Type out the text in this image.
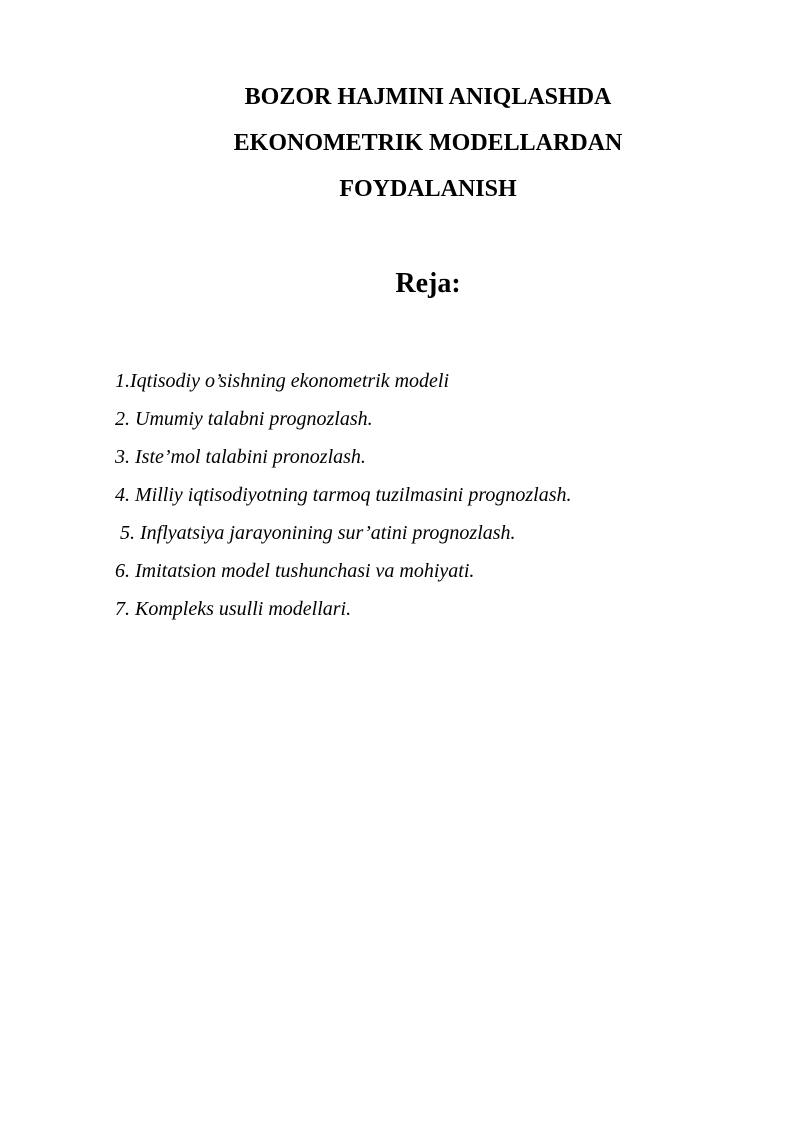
BOZOR HAJMINI ANIQLASHDA
EKONOMETRIK MODELLARDAN
FOYDALANISH
Reja:
1.Iqtisodiy o’sishning ekonometrik modeli
2. Umumiy talabni prognozlash.
3. Iste’mol talabini pronozlash.
4. Milliy iqtisodiyotning tarmoq tuzilmasini prognozlash.
5. Inflyatsiya jarayonining sur’atini prognozlash.
6. Imitatsion model tushunchasi va mohiyati.
7. Kompleks usulli modellari.
